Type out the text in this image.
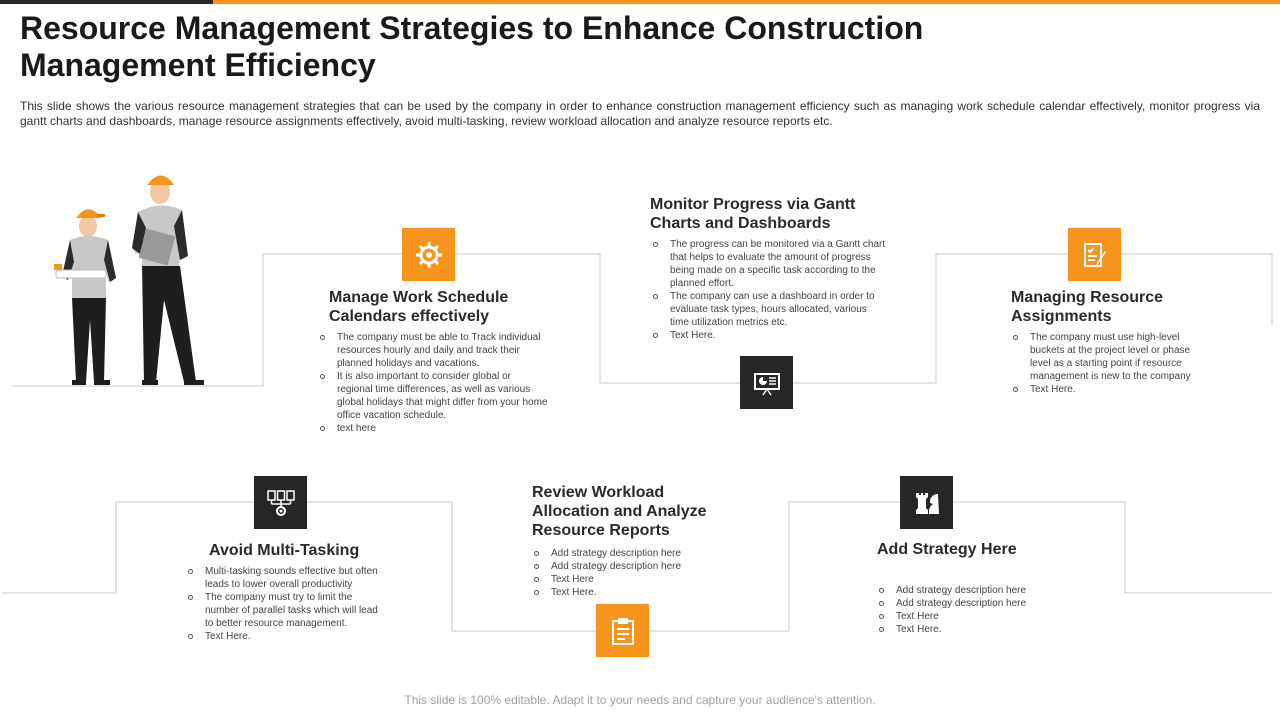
Resource Management Strategies to Enhance Construction Management Efficiency
This slide shows the various resource management strategies that can be used by the company in order to enhance construction management efficiency such as managing work schedule calendar effectively, monitor progress via gantt charts and dashboards, manage resource assignments effectively, avoid multi-tasking, review workload allocation and analyze resource reports etc.
Manage Work Schedule Calendars effectively
The company must be able to Track individual resources hourly and daily and track their planned holidays and vacations.
It is also important to consider global or regional time differences, as well as various global holidays that might differ from your home office vacation schedule.
text here
Monitor Progress via Gantt Charts and Dashboards
The progress can be monitored via a Gantt chart that helps to evaluate the amount of progress being made on a specific task according to the planned effort.
The company can use a dashboard in order to evaluate task types, hours allocated, various time utilization metrics etc.
Text Here.
Managing Resource Assignments
The company must use high-level buckets at the project level or phase level as a starting point if resource management is new to the company
Text Here.
Avoid Multi-Tasking
Multi-tasking sounds effective but often leads to lower overall productivity
The company must try to limit the number of parallel tasks which will lead to better resource management.
Text Here.
Review Workload Allocation and Analyze Resource Reports
Add strategy description here
Add strategy description here
Text Here
Text Here.
Add Strategy Here
Add strategy description here
Add strategy description here
Text Here
Text Here.
This slide is 100% editable. Adapt it to your needs and capture your audience's attention.
